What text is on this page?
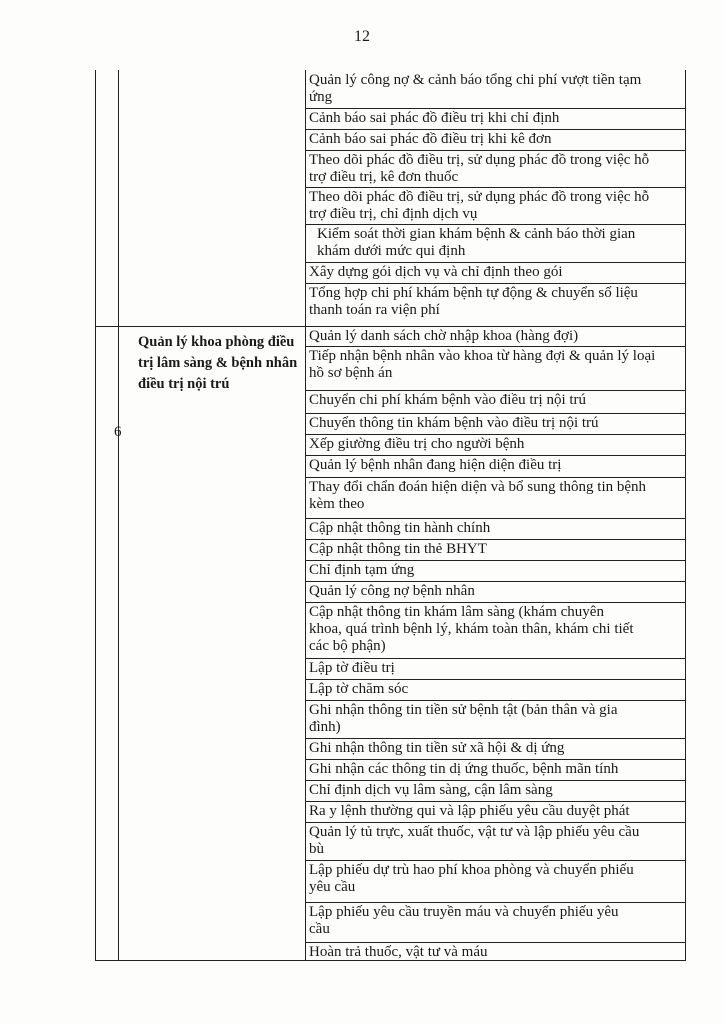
12
6
Quản lý khoa phòng điều trị lâm sàng & bệnh nhân điều trị nội trú
Quản lý công nợ & cảnh báo tổng chi phí vượt tiền tạm
ứng
Cảnh báo sai phác đồ điều trị khi chỉ định
Cảnh báo sai phác đồ điều trị khi kê đơn
Theo dõi phác đồ điều trị, sử dụng phác đồ trong việc hỗ
trợ điều trị, kê đơn thuốc
Theo dõi phác đồ điều trị, sử dụng phác đồ trong việc hỗ
trợ điều trị, chỉ định dịch vụ
Kiểm soát thời gian khám bệnh & cảnh báo thời gian
khám dưới mức qui định
Xây dựng gói dịch vụ và chỉ định theo gói
Tổng hợp chi phí khám bệnh tự động & chuyển số liệu
thanh toán ra viện phí
Quản lý danh sách chờ nhập khoa (hàng đợi)
Tiếp nhận bệnh nhân vào khoa từ hàng đợi & quản lý loại
hồ sơ bệnh án
Chuyển chi phí khám bệnh vào điều trị nội trú
Chuyển thông tin khám bệnh vào điều trị nội trú
Xếp giường điều trị cho người bệnh
Quản lý bệnh nhân đang hiện diện điều trị
Thay đổi chẩn đoán hiện diện và bổ sung thông tin bệnh
kèm theo
Cập nhật thông tin hành chính
Cập nhật thông tin thẻ BHYT
Chỉ định tạm ứng
Quản lý công nợ bệnh nhân
Cập nhật thông tin khám lâm sàng (khám chuyên
khoa, quá trình bệnh lý, khám toàn thân, khám chi tiết
các bộ phận)
Lập tờ điều trị
Lập tờ chăm sóc
Ghi nhận thông tin tiền sử bệnh tật (bản thân và gia
đình)
Ghi nhận thông tin tiền sử xã hội & dị ứng
Ghi nhận các thông tin dị ứng thuốc, bệnh mãn tính
Chỉ định dịch vụ lâm sàng, cận lâm sàng
Ra y lệnh thường qui và lập phiếu yêu cầu duyệt phát
Quản lý tủ trực, xuất thuốc, vật tư và lập phiếu yêu cầu
bù
Lập phiếu dự trù hao phí khoa phòng và chuyển phiếu
yêu cầu
Lập phiếu yêu cầu truyền máu và chuyển phiếu yêu
cầu
Hoàn trả thuốc, vật tư và máu
